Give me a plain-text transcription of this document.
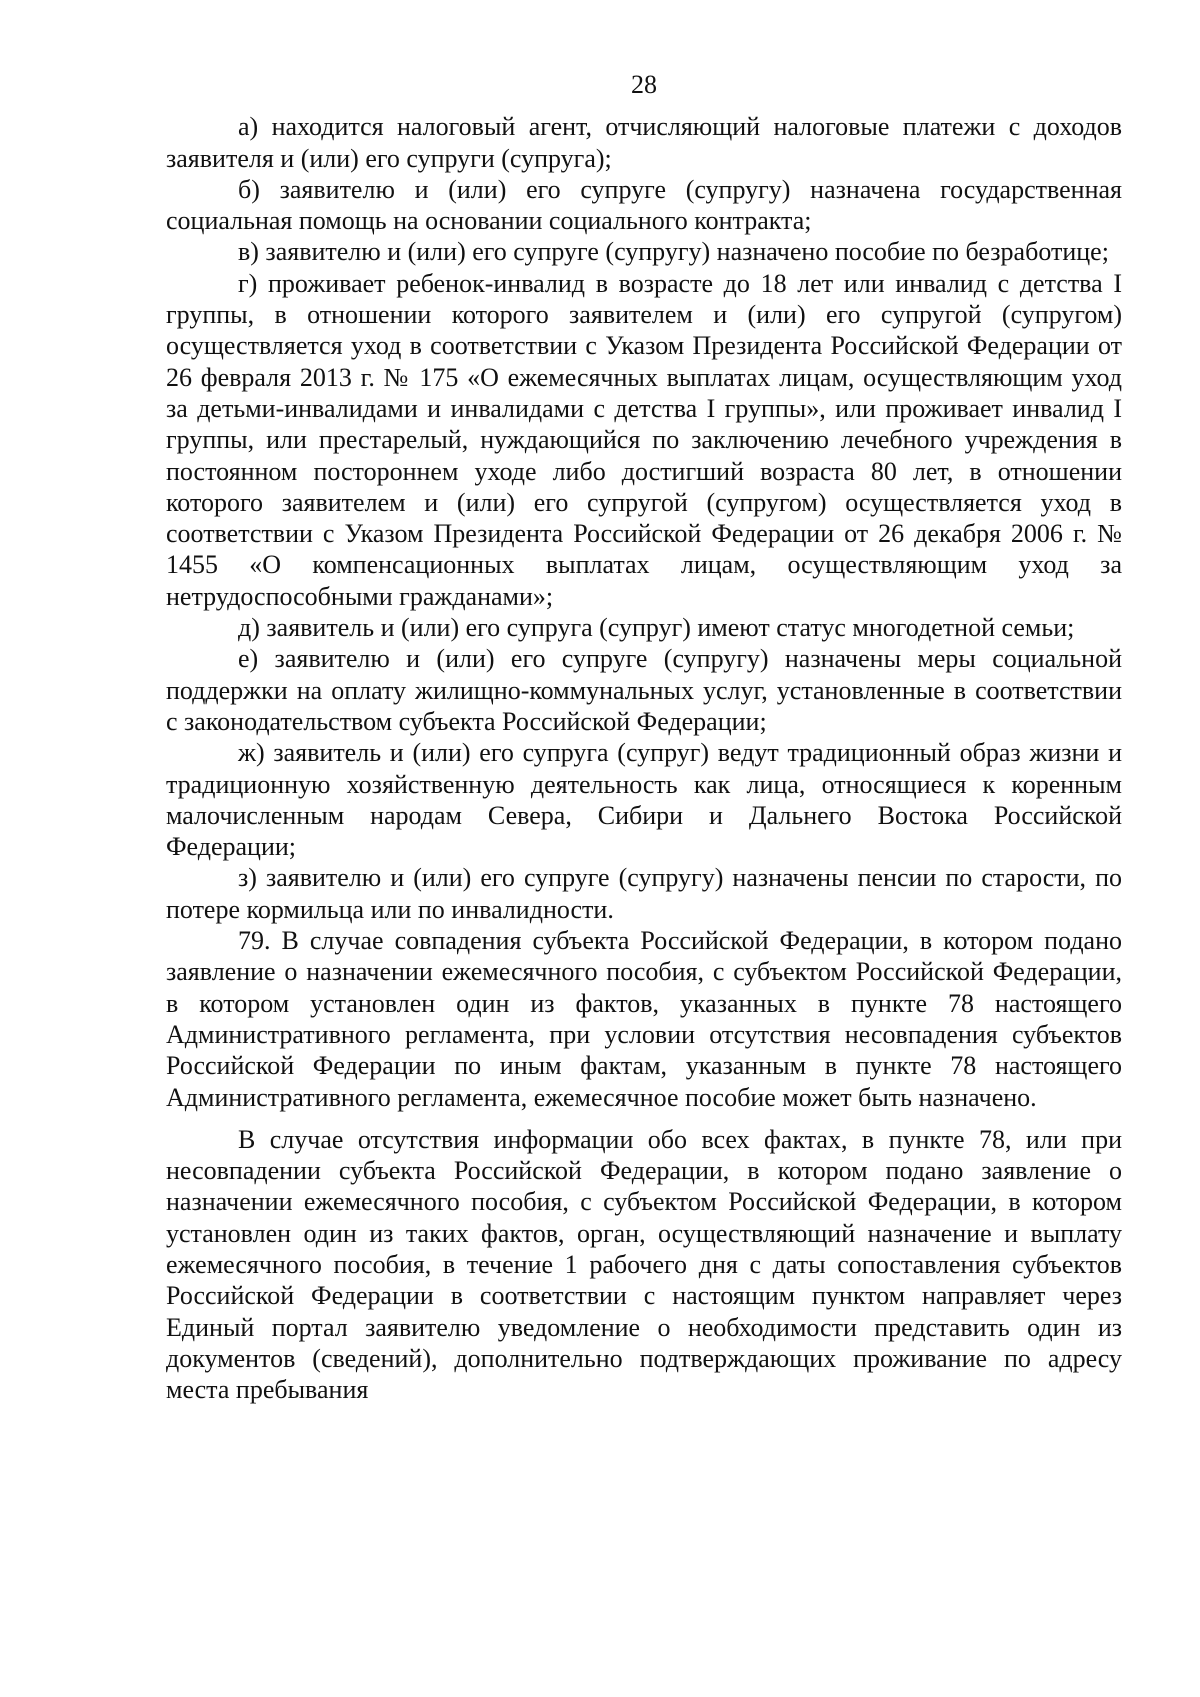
28

а) находится налоговый агент, отчисляющий налоговые платежи с доходов заявителя и (или) его супруги (супруга);

б) заявителю и (или) его супруге (супругу) назначена государственная социальная помощь на основании социального контракта;

в) заявителю и (или) его супруге (супругу) назначено пособие по безработице;

г) проживает ребенок-инвалид в возрасте до 18 лет или инвалид с детства I группы, в отношении которого заявителем и (или) его супругой (супругом) осуществляется уход в соответствии с Указом Президента Российской Федерации от 26 февраля 2013 г. № 175 «О ежемесячных выплатах лицам, осуществляющим уход за детьми-инвалидами и инвалидами с детства I группы», или проживает инвалид I группы, или престарелый, нуждающийся по заключению лечебного учреждения в постоянном постороннем уходе либо достигший возраста 80 лет, в отношении которого заявителем и (или) его супругой (супругом) осуществляется уход в соответствии с Указом Президента Российской Федерации от 26 декабря 2006 г. № 1455 «О компенсационных выплатах лицам, осуществляющим уход за нетрудоспособными гражданами»;

д) заявитель и (или) его супруга (супруг) имеют статус многодетной семьи;

е) заявителю и (или) его супруге (супругу) назначены меры социальной поддержки на оплату жилищно-коммунальных услуг, установленные в соответствии с законодательством субъекта Российской Федерации;

ж) заявитель и (или) его супруга (супруг) ведут традиционный образ жизни и традиционную хозяйственную деятельность как лица, относящиеся к коренным малочисленным народам Севера, Сибири и Дальнего Востока Российской Федерации;

з) заявителю и (или) его супруге (супругу) назначены пенсии по старости, по потере кормильца или по инвалидности.

79. В случае совпадения субъекта Российской Федерации, в котором подано заявление о назначении ежемесячного пособия, с субъектом Российской Федерации, в котором установлен один из фактов, указанных в пункте 78 настоящего Административного регламента, при условии отсутствия несовпадения субъектов Российской Федерации по иным фактам, указанным в пункте 78 настоящего Административного регламента, ежемесячное пособие может быть назначено.

В случае отсутствия информации обо всех фактах, в пункте 78, или при несовпадении субъекта Российской Федерации, в котором подано заявление о назначении ежемесячного пособия, с субъектом Российской Федерации, в котором установлен один из таких фактов, орган, осуществляющий назначение и выплату ежемесячного пособия, в течение 1 рабочего дня с даты сопоставления субъектов Российской Федерации в соответствии с настоящим пунктом направляет через Единый портал заявителю уведомление о необходимости представить один из документов (сведений), дополнительно подтверждающих проживание по адресу места пребывания
